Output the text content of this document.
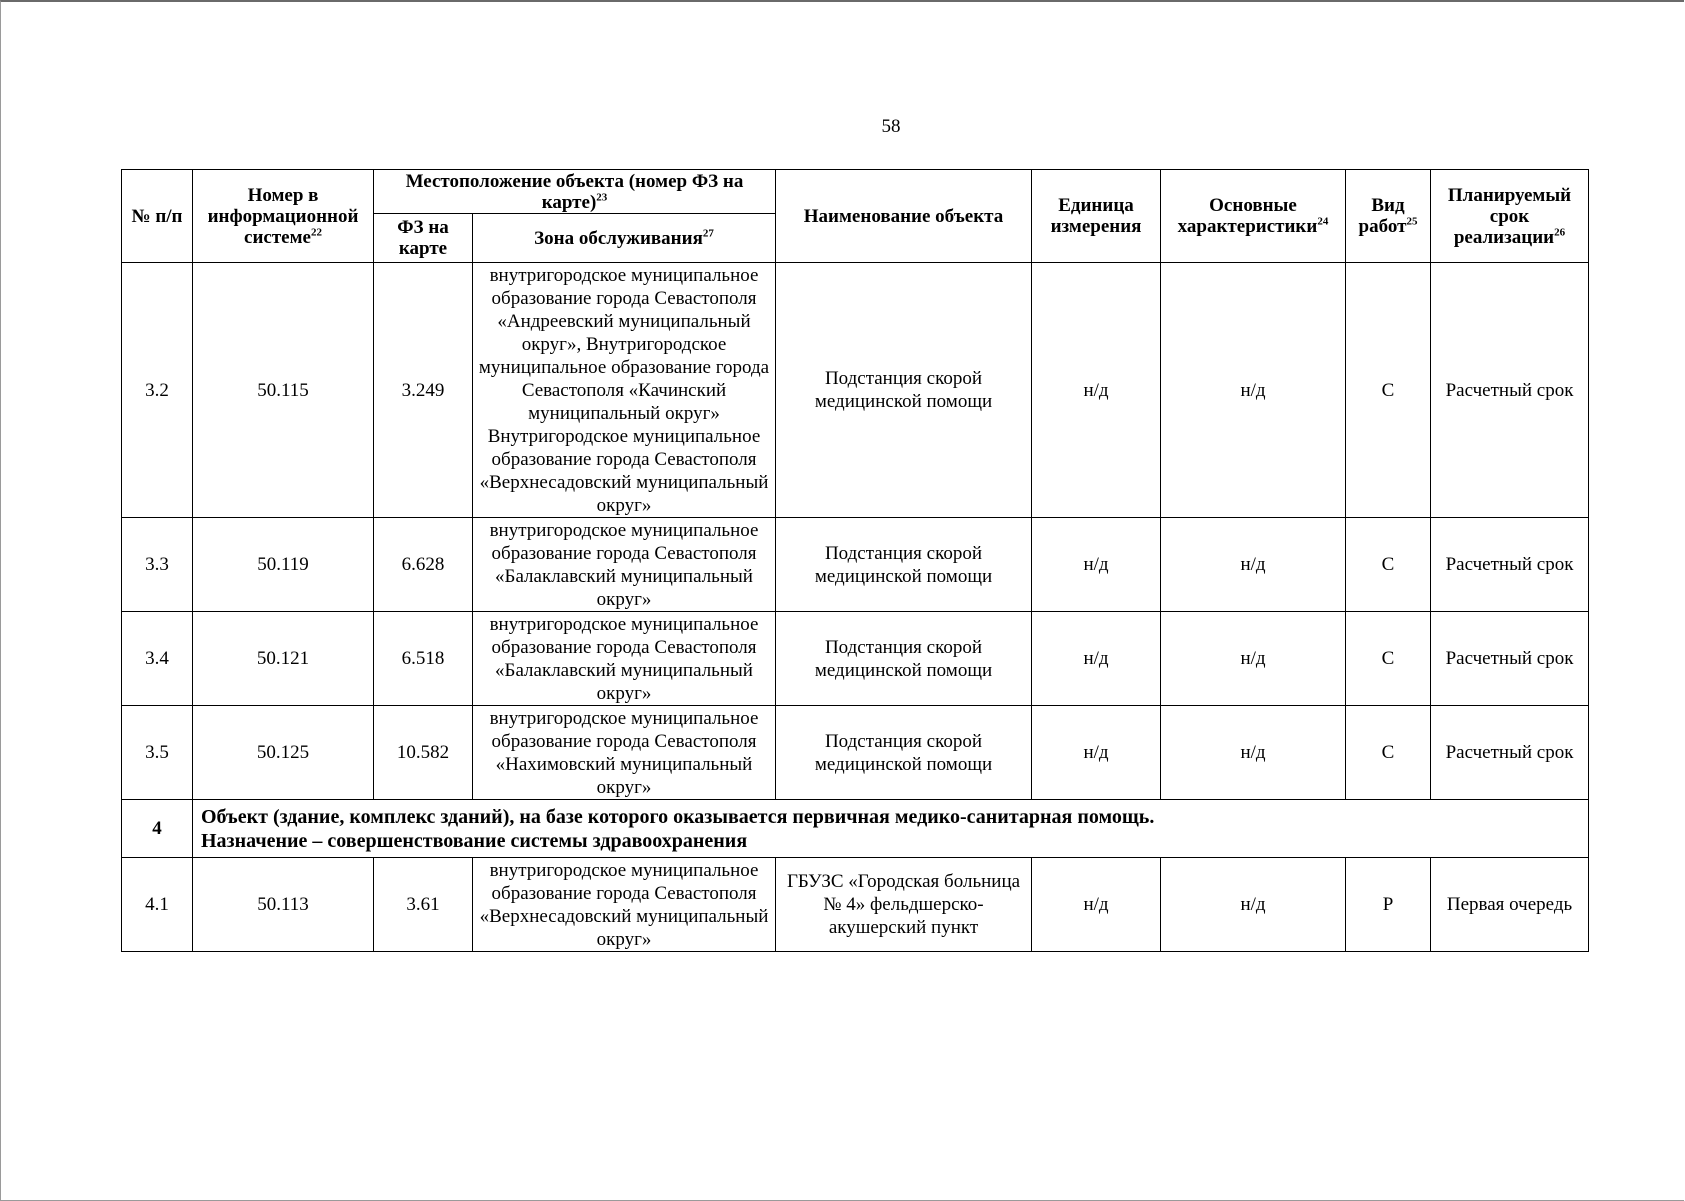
58
№ п/п	Номер в информационной системе$^{22}$	Местоположение объекта (номер ФЗ на карте)$^{23}$		Наименование объекта	Единица измерения	Основные характеристики$^{24}$	Вид работ$^{25}$	Планируемый срок реализации$^{26}$
		ФЗ на карте	Зона обслуживания$^{27}$
3.2	50.115	3.249	внутригородское муниципальное образование города Севастополя «Андреевский муниципальный округ», Внутригородское муниципальное образование города Севастополя «Качинский муниципальный округ» Внутригородское муниципальное образование города Севастополя «Верхнесадовский муниципальный округ»	Подстанция скорой медицинской помощи	н/д	н/д	С	Расчетный срок
3.3	50.119	6.628	внутригородское муниципальное образование города Севастополя «Балаклавский муниципальный округ»	Подстанция скорой медицинской помощи	н/д	н/д	С	Расчетный срок
3.4	50.121	6.518	внутригородское муниципальное образование города Севастополя «Балаклавский муниципальный округ»	Подстанция скорой медицинской помощи	н/д	н/д	С	Расчетный срок
3.5	50.125	10.582	внутригородское муниципальное образование города Севастополя «Нахимовский муниципальный округ»	Подстанция скорой медицинской помощи	н/д	н/д	С	Расчетный срок
4	Объект (здание, комплекс зданий), на базе которого оказывается первичная медико-санитарная помощь.
Назначение – совершенствование системы здравоохранения							

4.1	50.113	3.61	внутригородское муниципальное образование города Севастополя «Верхнесадовский муниципальный округ»	ГБУЗС «Городская больница № 4» фельдшерско-акушерский пункт	н/д	н/д	Р	Первая очередь
